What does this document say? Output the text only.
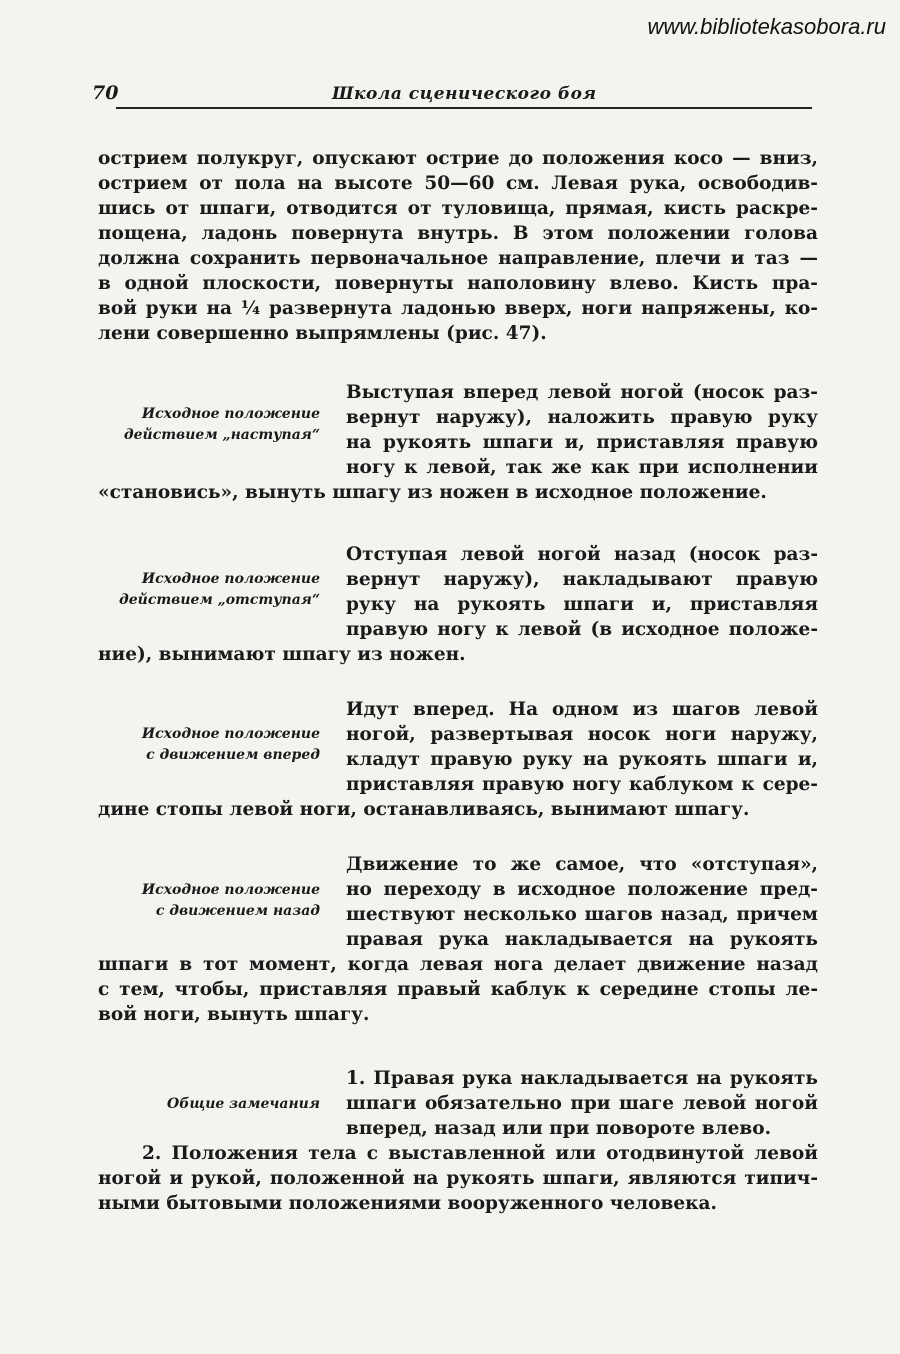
www.bibliotekasobora.ru
70	Школа сценического боя
острием полукруг, опускают острие до положения косо — вниз,
острием от пола на высоте 50—60 см. Левая рука, освободив-
шись от шпаги, отводится от туловища, прямая, кисть раскре-
пощена, ладонь повернута внутрь. В этом положении голова
должна сохранить первоначальное направление, плечи и таз —
в одной плоскости, повернуты наполовину влево. Кисть пра-
вой руки на ¼ развернута ладонью вверх, ноги напряжены, ко-
лени совершенно выпрямлены (рис. 47).
Исходное положение
действием „наступая“
Выступая вперед левой ногой (носок раз-
вернут наружу), наложить правую руку
на рукоять шпаги и, приставляя правую
ногу к левой, так же как при исполнении
«становись», вынуть шпагу из ножен в исходное положение.
Исходное положение
действием „отступая“
Отступая левой ногой назад (носок раз-
вернут наружу), накладывают правую
руку на рукоять шпаги и, приставляя
правую ногу к левой (в исходное положе-
ние), вынимают шпагу из ножен.
Исходное положение
с движением вперед
Идут вперед. На одном из шагов левой
ногой, развертывая носок ноги наружу,
кладут правую руку на рукоять шпаги и,
приставляя правую ногу каблуком к сере-
дине стопы левой ноги, останавливаясь, вынимают шпагу.
Исходное положение
с движением назад
Движение то же самое, что «отступая»,
но переходу в исходное положение пред-
шествуют несколько шагов назад, причем
правая рука накладывается на рукоять
шпаги в тот момент, когда левая нога делает движение назад
с тем, чтобы, приставляя правый каблук к середине стопы ле-
вой ноги, вынуть шпагу.
Общие замечания
1. Правая рука накладывается на рукоять
шпаги обязательно при шаге левой ногой
вперед, назад или при повороте влево.
2. Положения тела с выставленной или отодвинутой левой
ногой и рукой, положенной на рукоять шпаги, являются типич-
ными бытовыми положениями вооруженного человека.
